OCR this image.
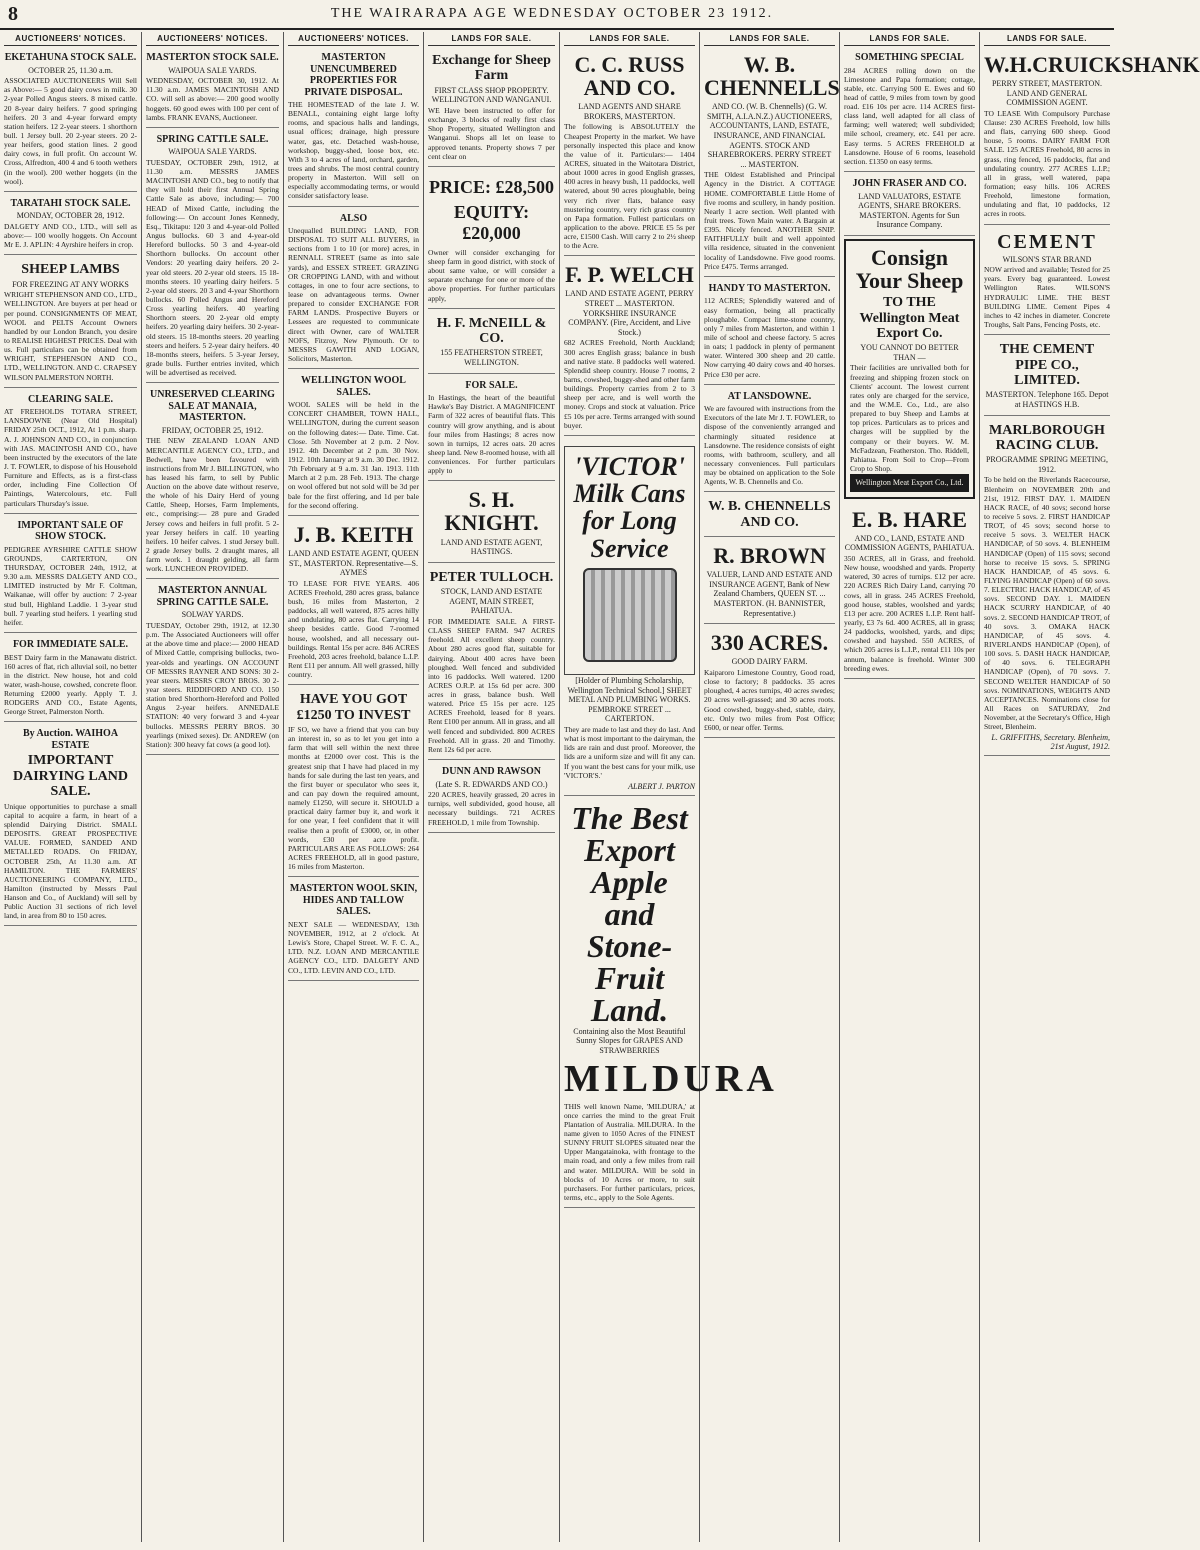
8	THE WAIRARAPA AGE WEDNESDAY OCTOBER 23 1912.
AUCTIONEERS' NOTICES.
EKETAHUNA STOCK SALE.
OCTOBER 25, 11.30 a.m.

ASSOCIATED AUCTIONEERS Will Sell as Above:— 5 good dairy cows in milk. 30 2-year Polled Angus steers. 8 mixed cattle. 20 8-year dairy heifers. 7 good springing heifers. 20 3 and 4-year forward empty station heifers. 12 2-year steers. 1 shorthorn bull. 1 Jersey bull. 20 2-year steers. 20 2-year heifers, good station lines. 2 good dairy cows, in full profit. On account W. Cross, Alfredton, 400 4 and 6 tooth wethers (in the wool). 200 wether hoggets (in the wool).

TARATAHI STOCK SALE.
MONDAY, OCTOBER 28, 1912.

DALGETY AND CO., LTD., will sell as above:— 100 woolly hoggets. On Account Mr E. J. APLIN: 4 Ayrshire heifers in crop.

SHEEP LAMBS
FOR FREEZING AT ANY WORKS

WRIGHT STEPHENSON AND CO., LTD., WELLINGTON. Are buyers at per head or per pound. CONSIGNMENTS OF MEAT, WOOL and PELTS Account Owners handled by our London Branch, you desire to REALISE HIGHEST PRICES. Deal with us. Full particulars can be obtained from WRIGHT, STEPHENSON AND CO., LTD., WELLINGTON. AND C. CRAPSEY WILSON PALMERSTON NORTH.

CLEARING SALE.

AT FREEHOLDS TOTARA STREET, LANSDOWNE (Near Old Hospital) FRIDAY 25th OCT., 1912, At 1 p.m. sharp. A. J. JOHNSON AND CO., in conjunction with JAS. MACINTOSH AND CO., have been instructed by the executors of the late J. T. FOWLER, to dispose of his Household Furniture and Effects, as is a first-class order, including Fine Collection Of Paintings, Watercolours, etc. Full particulars Thursday's issue.

IMPORTANT SALE OF SHOW STOCK.

PEDIGREE AYRSHIRE CATTLE SHOW GROUNDS, CARTERTON, ON THURSDAY, OCTOBER 24th, 1912, at 9.30 a.m. MESSRS DALGETY AND CO., LIMITED instructed by Mr F. Coltman, Waikanae, will offer by auction: 7 2-year stud bull, Highland Laddie. 1 3-year stud bull. 7 yearling stud heifers. 1 yearling stud heifer.

FOR IMMEDIATE SALE.

BEST Dairy farm in the Manawatu district. 160 acres of flat, rich alluvial soil, no better in the district. New house, hot and cold water, wash-house, cowshed, concrete floor. Returning £2000 yearly. Apply T. J. RODGERS AND CO., Estate Agents, George Street, Palmerston North.

By Auction. WAIHOA ESTATE
IMPORTANT DAIRYING LAND SALE.

Unique opportunities to purchase a small capital to acquire a farm, in heart of a splendid Dairying District. SMALL DEPOSITS. GREAT PROSPECTIVE VALUE. FORMED, SANDED AND METALLED ROADS. On FRIDAY, OCTOBER 25th, At 11.30 a.m. AT HAMILTON. THE FARMERS' AUCTIONEERING COMPANY, LTD., Hamilton (instructed by Messrs Paul Hanson and Co., of Auckland) will sell by Public Auction 31 sections of rich level land, in area from 80 to 150 acres.

AUCTIONEERS' NOTICES.
MASTERTON STOCK SALE.
WAIPOUA SALE YARDS.

WEDNESDAY, OCTOBER 30, 1912. At 11.30 a.m. JAMES MACINTOSH AND CO. will sell as above:— 200 good woolly hoggets. 60 good ewes with 100 per cent of lambs. FRANK EVANS, Auctioneer.

SPRING CATTLE SALE.
WAIPOUA SALE YARDS.

TUESDAY, OCTOBER 29th, 1912, at 11.30 a.m. MESSRS JAMES MACINTOSH AND CO., beg to notify that they will hold their first Annual Spring Cattle Sale as above, including:— 700 HEAD of Mixed Cattle, including the following:— On account Jones Kennedy, Esq., Tikitapu: 120 3 and 4-year-old Polled Angus bullocks. 60 3 and 4-year-old Hereford bullocks. 50 3 and 4-year-old Shorthorn bullocks. On account other Vendors: 20 yearling dairy heifers. 20 2-year old steers. 20 2-year old steers. 15 18-months steers. 10 yearling dairy heifers. 5 2-year old steers. 20 3 and 4-year Shorthorn bullocks. 60 Polled Angus and Hereford Cross yearling heifers. 40 yearling Shorthorn steers. 20 2-year old empty heifers. 20 yearling dairy heifers. 30 2-year-old steers. 15 18-months steers. 20 yearling steers and heifers. 5 2-year dairy heifers. 40 18-months steers, heifers. 5 3-year Jersey, grade bulls. Further entries invited, which will be advertised as received.

UNRESERVED CLEARING SALE AT MANAIA, MASTERTON.
FRIDAY, OCTOBER 25, 1912.

THE NEW ZEALAND LOAN AND MERCANTILE AGENCY CO., LTD., and Bedwell, have been favoured with instructions from Mr J. BILLINGTON, who has leased his farm, to sell by Public Auction on the above date without reserve, the whole of his Dairy Herd of young Cattle, Sheep, Horses, Farm Implements, etc., comprising:— 28 pure and Graded Jersey cows and heifers in full profit. 5 2-year Jersey heifers in calf. 10 yearling heifers. 10 heifer calves. 1 stud Jersey bull. 2 grade Jersey bulls. 2 draught mares, all farm work. 1 draught gelding, all farm work. LUNCHEON PROVIDED.

MASTERTON ANNUAL SPRING CATTLE SALE.
SOLWAY YARDS.

TUESDAY, October 29th, 1912, at 12.30 p.m. The Associated Auctioneers will offer at the above time and place:— 2000 HEAD of Mixed Cattle, comprising bullocks, two-year-olds and yearlings. ON ACCOUNT OF MESSRS RAYNER AND SONS: 30 2-year steers. MESSRS CROY BROS. 30 2-year steers. RIDDIFORD AND CO. 150 station bred Shorthorn-Hereford and Polled Angus 2-year heifers. ANNEDALE STATION: 40 very forward 3 and 4-year bullocks. MESSRS PERRY BROS. 30 yearlings (mixed sexes). Dr. ANDREW (on Station): 300 heavy fat cows (a good lot).

AUCTIONEERS' NOTICES.
MASTERTON UNENCUMBERED PROPERTIES FOR PRIVATE DISPOSAL.

THE HOMESTEAD of the late J. W. BENALL, containing eight large lofty rooms, and spacious halls and landings, usual offices; drainage, high pressure water, gas, etc. Detached wash-house, workshop, buggy-shed, loose box, etc. With 3 to 4 acres of land, orchard, garden, trees and shrubs. The most central country property in Masterton. Will sell on especially accommodating terms, or would consider satisfactory lease.

ALSO

Unequalled BUILDING LAND, FOR DISPOSAL TO SUIT ALL BUYERS, in sections from 1 to 10 (or more) acres, in RENNALL STREET (same as into sale yards), and ESSEX STREET. GRAZING OR CROPPING LAND, with and without cottages, in one to four acre sections, to lease on advantageous terms. Owner prepared to consider EXCHANGE FOR FARM LANDS. Prospective Buyers or Lessees are requested to communicate direct with Owner, care of WALTER NOFS, Fitzroy, New Plymouth. Or to MESSRS GAWITH AND LOGAN, Solicitors, Masterton.

WELLINGTON WOOL SALES.

WOOL SALES will be held in the CONCERT CHAMBER, TOWN HALL, WELLINGTON, during the current season on the following dates:— Date. Time. Cat. Close. 5th November at 2 p.m. 2 Nov. 1912. 4th December at 2 p.m. 30 Nov. 1912. 10th January at 9 a.m. 30 Dec. 1912. 7th February at 9 a.m. 31 Jan. 1913. 11th March at 2 p.m. 28 Feb. 1913. The charge on wool offered but not sold will be 3d per bale for the first offering, and 1d per bale for the second offering.

J. B. KEITH
LAND AND ESTATE AGENT, QUEEN ST., MASTERTON. Representative—S. AYMES

TO LEASE FOR FIVE YEARS. 406 ACRES Freehold, 280 acres grass, balance bush, 16 miles from Masterton, 2 paddocks, all well watered, 875 acres hilly and undulating, 80 acres flat. Carrying 14 sheep besides cattle. Good 7-roomed house, woolshed, and all necessary out-buildings. Rental 15s per acre. 846 ACRES Freehold, 203 acres freehold, balance L.I.P. Rent £11 per annum. All well grassed, hilly country.

HAVE YOU GOT £1250 TO INVEST

IF SO, we have a friend that you can buy an interest in, so as to let you get into a farm that will sell within the next three months at £2000 over cost. This is the greatest snip that I have had placed in my hands for sale during the last ten years, and the first buyer or speculator who sees it, and can pay down the required amount, namely £1250, will secure it. SHOULD a practical dairy farmer buy it, and work it for one year, I feel confident that it will realise then a profit of £3000, or, in other words, £30 per acre profit. PARTICULARS ARE AS FOLLOWS: 264 ACRES FREEHOLD, all in good pasture, 16 miles from Masterton.

MASTERTON WOOL SKIN, HIDES AND TALLOW SALES.

NEXT SALE — WEDNESDAY, 13th NOVEMBER, 1912, at 2 o'clock. At Lewis's Store, Chapel Street. W. F. C. A., LTD. N.Z. LOAN AND MERCANTILE AGENCY CO., LTD. DALGETY AND CO., LTD. LEVIN AND CO., LTD.

LANDS FOR SALE.
Exchange for Sheep Farm
FIRST CLASS SHOP PROPERTY. WELLINGTON AND WANGANUI.

WE Have been instructed to offer for exchange, 3 blocks of really first class Shop Property, situated Wellington and Wanganui. Shops all let on lease to approved tenants. Property shows 7 per cent clear on

PRICE: £28,500
EQUITY: £20,000

Owner will consider exchanging for sheep farm in good district, with stock of about same value, or will consider a separate exchange for one or more of the above properties. For further particulars apply,

H. F. McNEILL & CO.
155 FEATHERSTON STREET, WELLINGTON.
FOR SALE.

In Hastings, the heart of the beautiful Hawke's Bay District. A MAGNIFICENT Farm of 322 acres of beautiful flats. This country will grow anything, and is about four miles from Hastings; 8 acres now sown in turnips, 12 acres oats. 20 acres sheep land. New 8-roomed house, with all conveniences. For further particulars apply to

S. H. KNIGHT.
LAND AND ESTATE AGENT, HASTINGS.
PETER TULLOCH.
STOCK, LAND AND ESTATE AGENT, MAIN STREET, PAHIATUA.

FOR IMMEDIATE SALE. A FIRST-CLASS SHEEP FARM. 947 ACRES freehold. All excellent sheep country. About 280 acres good flat, suitable for dairying. About 400 acres have been ploughed. Well fenced and subdivided into 16 paddocks. Well watered. 1200 ACRES O.R.P. at 15s 6d per acre. 300 acres in grass, balance bush. Well watered. Price £5 15s per acre. 125 ACRES Freehold, leased for 8 years. Rent £100 per annum. All in grass, and all well fenced and subdivided. 800 ACRES Freehold. All in grass. 20 and Timothy. Rent 12s 6d per acre.

DUNN AND RAWSON
(Late S. R. EDWARDS AND CO.)

220 ACRES, heavily grassed, 20 acres in turnips, well subdivided, good house, all necessary buildings. 721 ACRES FREEHOLD, 1 mile from Township.

LANDS FOR SALE.
C. C. RUSS AND CO.
LAND AGENTS AND SHARE BROKERS, MASTERTON.

The following is ABSOLUTELY the Cheapest Property in the market. We have personally inspected this place and know the value of it. Particulars:— 1404 ACRES, situated in the Waitotara District, about 1000 acres in good English grasses, 400 acres in heavy bush, 11 paddocks, well watered, about 90 acres ploughable, being very rich river flats, balance easy mustering country, very rich grass country on Papa formation. Fullest particulars on application to the above. PRICE £5 5s per acre, £1500 Cash. Will carry 2 to 2½ sheep to the Acre.

F. P. WELCH
LAND AND ESTATE AGENT, PERRY STREET ... MASTERTON. YORKSHIRE INSURANCE COMPANY. (Fire, Accident, and Live Stock.)

682 ACRES Freehold, North Auckland; 300 acres English grass; balance in bush and native state. 8 paddocks well watered. Splendid sheep country. House 7 rooms, 2 barns, cowshed, buggy-shed and other farm buildings. Property carries from 2 to 3 sheep per acre, and is well worth the money. Crops and stock at valuation. Price £5 10s per acre. Terms arranged with sound buyer.

'VICTOR' Milk Cans for Long Service
[Holder of Plumbing Scholarship, Wellington Technical School.] SHEET METAL AND PLUMBING WORKS. PEMBROKE STREET ... CARTERTON.

They are made to last and they do last. And what is most important to the dairyman, the lids are rain and dust proof. Moreover, the lids are a uniform size and will fit any can. If you want the best cans for your milk, use 'VICTOR'S.'

ALBERT J. PARTON
The Best Export Apple and Stone-Fruit Land.
Containing also the Most Beautiful Sunny Slopes for GRAPES AND STRAWBERRIES
MILDURA

THIS well known Name, 'MILDURA,' at once carries the mind to the great Fruit Plantation of Australia. MILDURA. In the name given to 1050 Acres of the FINEST SUNNY FRUIT SLOPES situated near the Upper Mangatainoka, with frontage to the main road, and only a few miles from rail and water. MILDURA. Will be sold in blocks of 10 Acres or more, to suit purchasers. For further particulars, prices, terms, etc., apply to the Sole Agents.

LANDS FOR SALE.
W. B. CHENNELLS
AND CO. (W. B. Chennells) (G. W. SMITH, A.I.A.N.Z.) AUCTIONEERS, ACCOUNTANTS, LAND, ESTATE, INSURANCE, AND FINANCIAL AGENTS. STOCK AND SHAREBROKERS. PERRY STREET ... MASTERTON.

THE Oldest Established and Principal Agency in the District. A COTTAGE HOME. COMFORTABLE Little Home of five rooms and scullery, in handy position. Nearly 1 acre section. Well planted with fruit trees. Town Main water. A Bargain at £395. Nicely fenced. ANOTHER SNIP. FAITHFULLY built and well appointed villa residence, situated in the convenient locality of Landsdowne. Five good rooms. Price £475. Terms arranged.

HANDY TO MASTERTON.

112 ACRES; Splendidly watered and of easy formation, being all practically ploughable. Compact lime-stone country, only 7 miles from Masterton, and within 1 mile of school and cheese factory. 5 acres in oats; 1 paddock in plenty of permanent water. Wintered 300 sheep and 20 cattle. Now carrying 40 dairy cows and 40 horses. Price £30 per acre.

AT LANSDOWNE.

We are favoured with instructions from the Executors of the late Mr J. T. FOWLER, to dispose of the conveniently arranged and charmingly situated residence at Lansdowne. The residence consists of eight rooms, with bathroom, scullery, and all necessary conveniences. Full particulars may be obtained on application to the Sole Agents, W. B. Chennells and Co.

W. B. CHENNELLS AND CO.
R. BROWN
VALUER, LAND AND ESTATE AND INSURANCE AGENT, Bank of New Zealand Chambers, QUEEN ST. ... MASTERTON. (H. BANNISTER, Representative.)
330 ACRES.
GOOD DAIRY FARM.

Kaiparoro Limestone Country, Good road, close to factory; 8 paddocks. 35 acres ploughed, 4 acres turnips, 40 acres swedes; 20 acres well-grassed; and 30 acres roots. Good cowshed, buggy-shed, stable, dairy, etc. Only two miles from Post Office; £600, or near offer. Terms.

LANDS FOR SALE.
SOMETHING SPECIAL

284 ACRES rolling down on the Limestone and Papa formation; cottage, stable, etc. Carrying 500 E. Ewes and 60 head of cattle, 9 miles from town by good road. £16 10s per acre. 114 ACRES first-class land, well adapted for all class of farming; well watered; well subdivided; mile school, creamery, etc. £41 per acre. Easy terms. 5 ACRES FREEHOLD at Lansdowne. House of 6 rooms, leasehold section. £1350 on easy terms.

JOHN FRASER AND CO.
LAND VALUATORS, ESTATE AGENTS, SHARE BROKERS. MASTERTON. Agents for Sun Insurance Company.
Consign Your Sheep
TO THE Wellington Meat Export Co.
YOU CANNOT DO BETTER THAN —

Their facilities are unrivalled both for freezing and shipping frozen stock on Clients' account. The lowest current rates only are charged for the service, and the W.M.E. Co., Ltd., are also prepared to buy Sheep and Lambs at top prices. Particulars as to prices and charges will be supplied by the company or their buyers. W. M. McFadzean, Featherston. Tho. Riddell, Pahiatua. From Soil to Crop—From Crop to Shop.

Wellington Meat Export Co., Ltd.
E. B. HARE
AND CO., LAND, ESTATE AND COMMISSION AGENTS, PAHIATUA.

350 ACRES, all in Grass, and freehold. New house, woodshed and yards. Property watered, 30 acres of turnips. £12 per acre. 220 ACRES Rich Dairy Land, carrying 70 cows, all in grass. 245 ACRES Freehold, good house, stables, woolshed and yards; £13 per acre. 200 ACRES L.I.P. Rent half-yearly, £3 7s 6d. 400 ACRES, all in grass; 24 paddocks, woolshed, yards, and dips; cowshed and hayshed. 550 ACRES, of which 205 acres is L.I.P., rental £11 10s per annum, balance is freehold. Winter 300 breeding ewes.

LANDS FOR SALE.
W.H.CRUICKSHANK
PERRY STREET, MASTERTON. LAND AND GENERAL COMMISSION AGENT.

TO LEASE With Compulsory Purchase Clause: 230 ACRES Freehold, low hills and flats, carrying 600 sheep. Good house, 5 rooms. DAIRY FARM FOR SALE. 125 ACRES Freehold, 80 acres in grass, ring fenced, 16 paddocks, flat and undulating country. 277 ACRES L.I.P.; all in grass, well watered, papa formation; easy hills. 106 ACRES Freehold, limestone formation, undulating and flat, 10 paddocks, 12 acres in roots.

CEMENT
WILSON'S STAR BRAND

NOW arrived and available; Tested for 25 years. Every bag guaranteed. Lowest Wellington Rates. WILSON'S HYDRAULIC LIME. THE BEST BUILDING LIME. Cement Pipes 4 inches to 42 inches in diameter. Concrete Troughs, Salt Pans, Fencing Posts, etc.

THE CEMENT PIPE CO., LIMITED.
MASTERTON. Telephone 165. Depot at HASTINGS H.B.
MARLBOROUGH RACING CLUB.
PROGRAMME SPRING MEETING, 1912.

To be held on the Riverlands Racecourse, Blenheim on NOVEMBER 20th and 21st, 1912. FIRST DAY. 1. MAIDEN HACK RACE, of 40 sovs; second horse to receive 5 sovs. 2. FIRST HANDICAP TROT, of 45 sovs; second horse to receive 5 sovs. 3. WELTER HACK HANDICAP, of 50 sovs. 4. BLENHEIM HANDICAP (Open) of 115 sovs; second horse to receive 15 sovs. 5. SPRING HACK HANDICAP, of 45 sovs. 6. FLYING HANDICAP (Open) of 60 sovs. 7. ELECTRIC HACK HANDICAP, of 45 sovs. SECOND DAY. 1. MAIDEN HACK SCURRY HANDICAP, of 40 sovs. 2. SECOND HANDICAP TROT, of 40 sovs. 3. OMAKA HACK HANDICAP, of 45 sovs. 4. RIVERLANDS HANDICAP (Open), of 100 sovs. 5. DASH HACK HANDICAP, of 40 sovs. 6. TELEGRAPH HANDICAP (Open), of 70 sovs. 7. SECOND WELTER HANDICAP of 50 sovs. NOMINATIONS, WEIGHTS AND ACCEPTANCES. Nominations close for All Races on SATURDAY, 2nd November, at the Secretary's Office, High Street, Blenheim.

L. GRIFFITHS, Secretary. Blenheim, 21st August, 1912.
